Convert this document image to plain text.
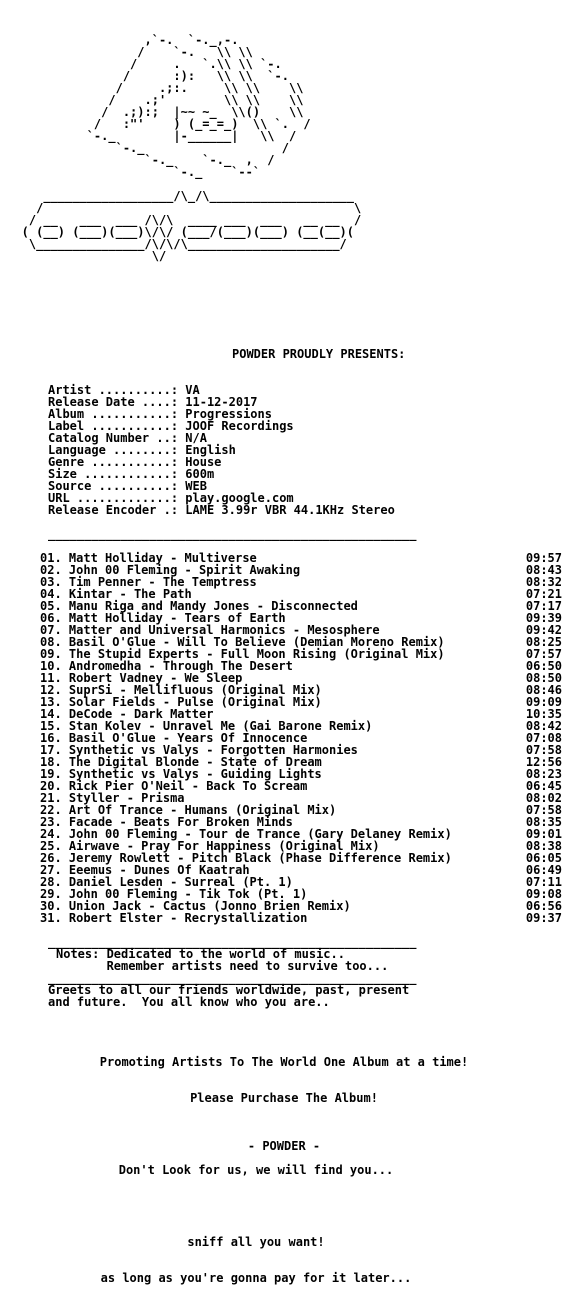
,`-.  `-._,-.
/    `-.   \\ \\
/     .   `.\\ \\ `-.
/      :):   \\ \\  `-.
/     .;:.     \\ \\    \\
/    .;'        \\ \\    \\
/  .;):;  |~~ ~_  \\()    \\
/   :"'    ) (_=_=_)  \\ `.  /
`-._        |-______|   \\  /
`-._                   /
`-._    `-._  ,  /
`-._    `--`

__________________/\_/\____________________
/                                           \
/ __   ___  ___ /\/\  ____ ___  ___   __ __  /
( (__) (___)(___)\/\/ (___/(___)(___) (__(__)(
\_______________/\/\/\_____________________/
\/
POWDER PROUDLY PRESENTS:
Artist ..........: VA
Release Date ....: 11-12-2017
Album ...........: Progressions
Label ...........: JOOF Recordings
Catalog Number ..: N/A
Language ........: English
Genre ...........: House
Size ............: 600m
Source ..........: WEB
URL .............: play.google.com
Release Encoder .: LAME 3.99r VBR 44.1KHz Stereo
___________________________________________________
01. Matt Holliday - Multiverse	09:57
02. John 00 Fleming - Spirit Awaking	08:43
03. Tim Penner - The Temptress	08:32
04. Kintar - The Path	07:21
05. Manu Riga and Mandy Jones - Disconnected	07:17
06. Matt Holliday - Tears of Earth	09:39
07. Matter and Universal Harmonics - Mesosphere	09:42
08. Basil O'Glue - Will To Believe (Demian Moreno Remix)	08:25
09. The Stupid Experts - Full Moon Rising (Original Mix)	07:57
10. Andromedha - Through The Desert	06:50
11. Robert Vadney - We Sleep	08:50
12. SuprSi - Mellifluous (Original Mix)	08:46
13. Solar Fields - Pulse (Original Mix)	09:09
14. DeCode - Dark Matter	10:35
15. Stan Kolev - Unravel Me (Gai Barone Remix)	08:42
16. Basil O'Glue - Years Of Innocence	07:08
17. Synthetic vs Valys - Forgotten Harmonies	07:58
18. The Digital Blonde - State of Dream	12:56
19. Synthetic vs Valys - Guiding Lights	08:23
20. Rick Pier O'Neil - Back To Scream	06:45
21. Styller - Prisma	08:02
22. Art Of Trance - Humans (Original Mix)	07:58
23. Facade - Beats For Broken Minds	08:35
24. John 00 Fleming - Tour de Trance (Gary Delaney Remix)	09:01
25. Airwave - Pray For Happiness (Original Mix)	08:38
26. Jeremy Rowlett - Pitch Black (Phase Difference Remix)	06:05
27. Eeemus - Dunes Of Kaatrah	06:49
28. Daniel Lesden - Surreal (Pt. 1)	07:11
29. John 00 Fleming - Tik Tok (Pt. 1)	09:08
30. Union Jack - Cactus (Jonno Brien Remix)	06:56
31. Robert Elster - Recrystallization	09:37
___________________________________________________
Notes: Dedicated to the world of music..
Remember artists need to survive too...
___________________________________________________
Greets to all our friends worldwide, past, present
and future.  You all know who you are..

Promoting Artists To The World One Album at a time!

Please Purchase The Album!

Don't Look for us, we will find you...

sniff all you want!

as long as you're gonna pay for it later...

- POWDER -
